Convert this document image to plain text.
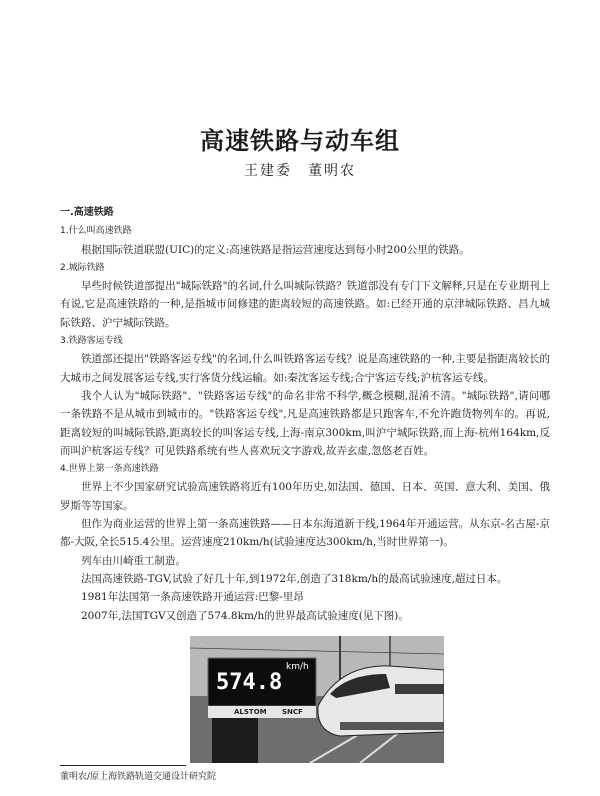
高速铁路与动车组
王建委　董明农

一.高速铁路

1.什么叫高速铁路

根据国际铁道联盟(UIC)的定义:高速铁路是指运营速度达到每小时200公里的铁路。

2.城际铁路

早些时候铁道部提出"城际铁路"的名词,什么叫城际铁路？铁道部没有专门下文解释,只是在专业期刊上有说,它是高速铁路的一种,是指城市间修建的距离较短的高速铁路。如:已经开通的京津城际铁路、昌九城际铁路、沪宁城际铁路。

3.铁路客运专线

铁道部还提出"铁路客运专线"的名词,什么叫铁路客运专线？说是高速铁路的一种,主要是指距离较长的大城市之间发展客运专线,实行客货分线运输。如:秦沈客运专线;合宁客运专线;沪杭客运专线。

我个人认为"城际铁路"、"铁路客运专线"的命名非常不科学,概念模糊,混淆不清。"城际铁路",请问哪一条铁路不是从城市到城市的。"铁路客运专线",凡是高速铁路都是只跑客车,不允许跑货物列车的。再说,距离较短的叫城际铁路,距离较长的叫客运专线,上海-南京300km,叫沪宁城际铁路,而上海-杭州164km,反而叫沪杭客运专线？可见铁路系统有些人喜欢玩文字游戏,故弄玄虚,忽悠老百姓。

4.世界上第一条高速铁路

世界上不少国家研究试验高速铁路将近有100年历史,如法国、德国、日本、英国、意大利、美国、俄罗斯等等国家。

但作为商业运营的世界上第一条高速铁路——日本东海道新干线,1964年开通运营。从东京-名古屋-京都-大阪,全长515.4公里。运营速度210km/h(试验速度达300km/h,当时世界第一)。

列车由川崎重工制造。

法国高速铁路-TGV,试验了好几十年,到1972年,创造了318km/h的最高试验速度,超过日本。

1981年法国第一条高速铁路开通运营:巴黎-里昂

2007年,法国TGV又创造了574.8km/h的世界最高试验速度(见下图)。

574.8
km/h
ALSTOM SNCF
董明农/原上海铁路轨道交通设计研究院
